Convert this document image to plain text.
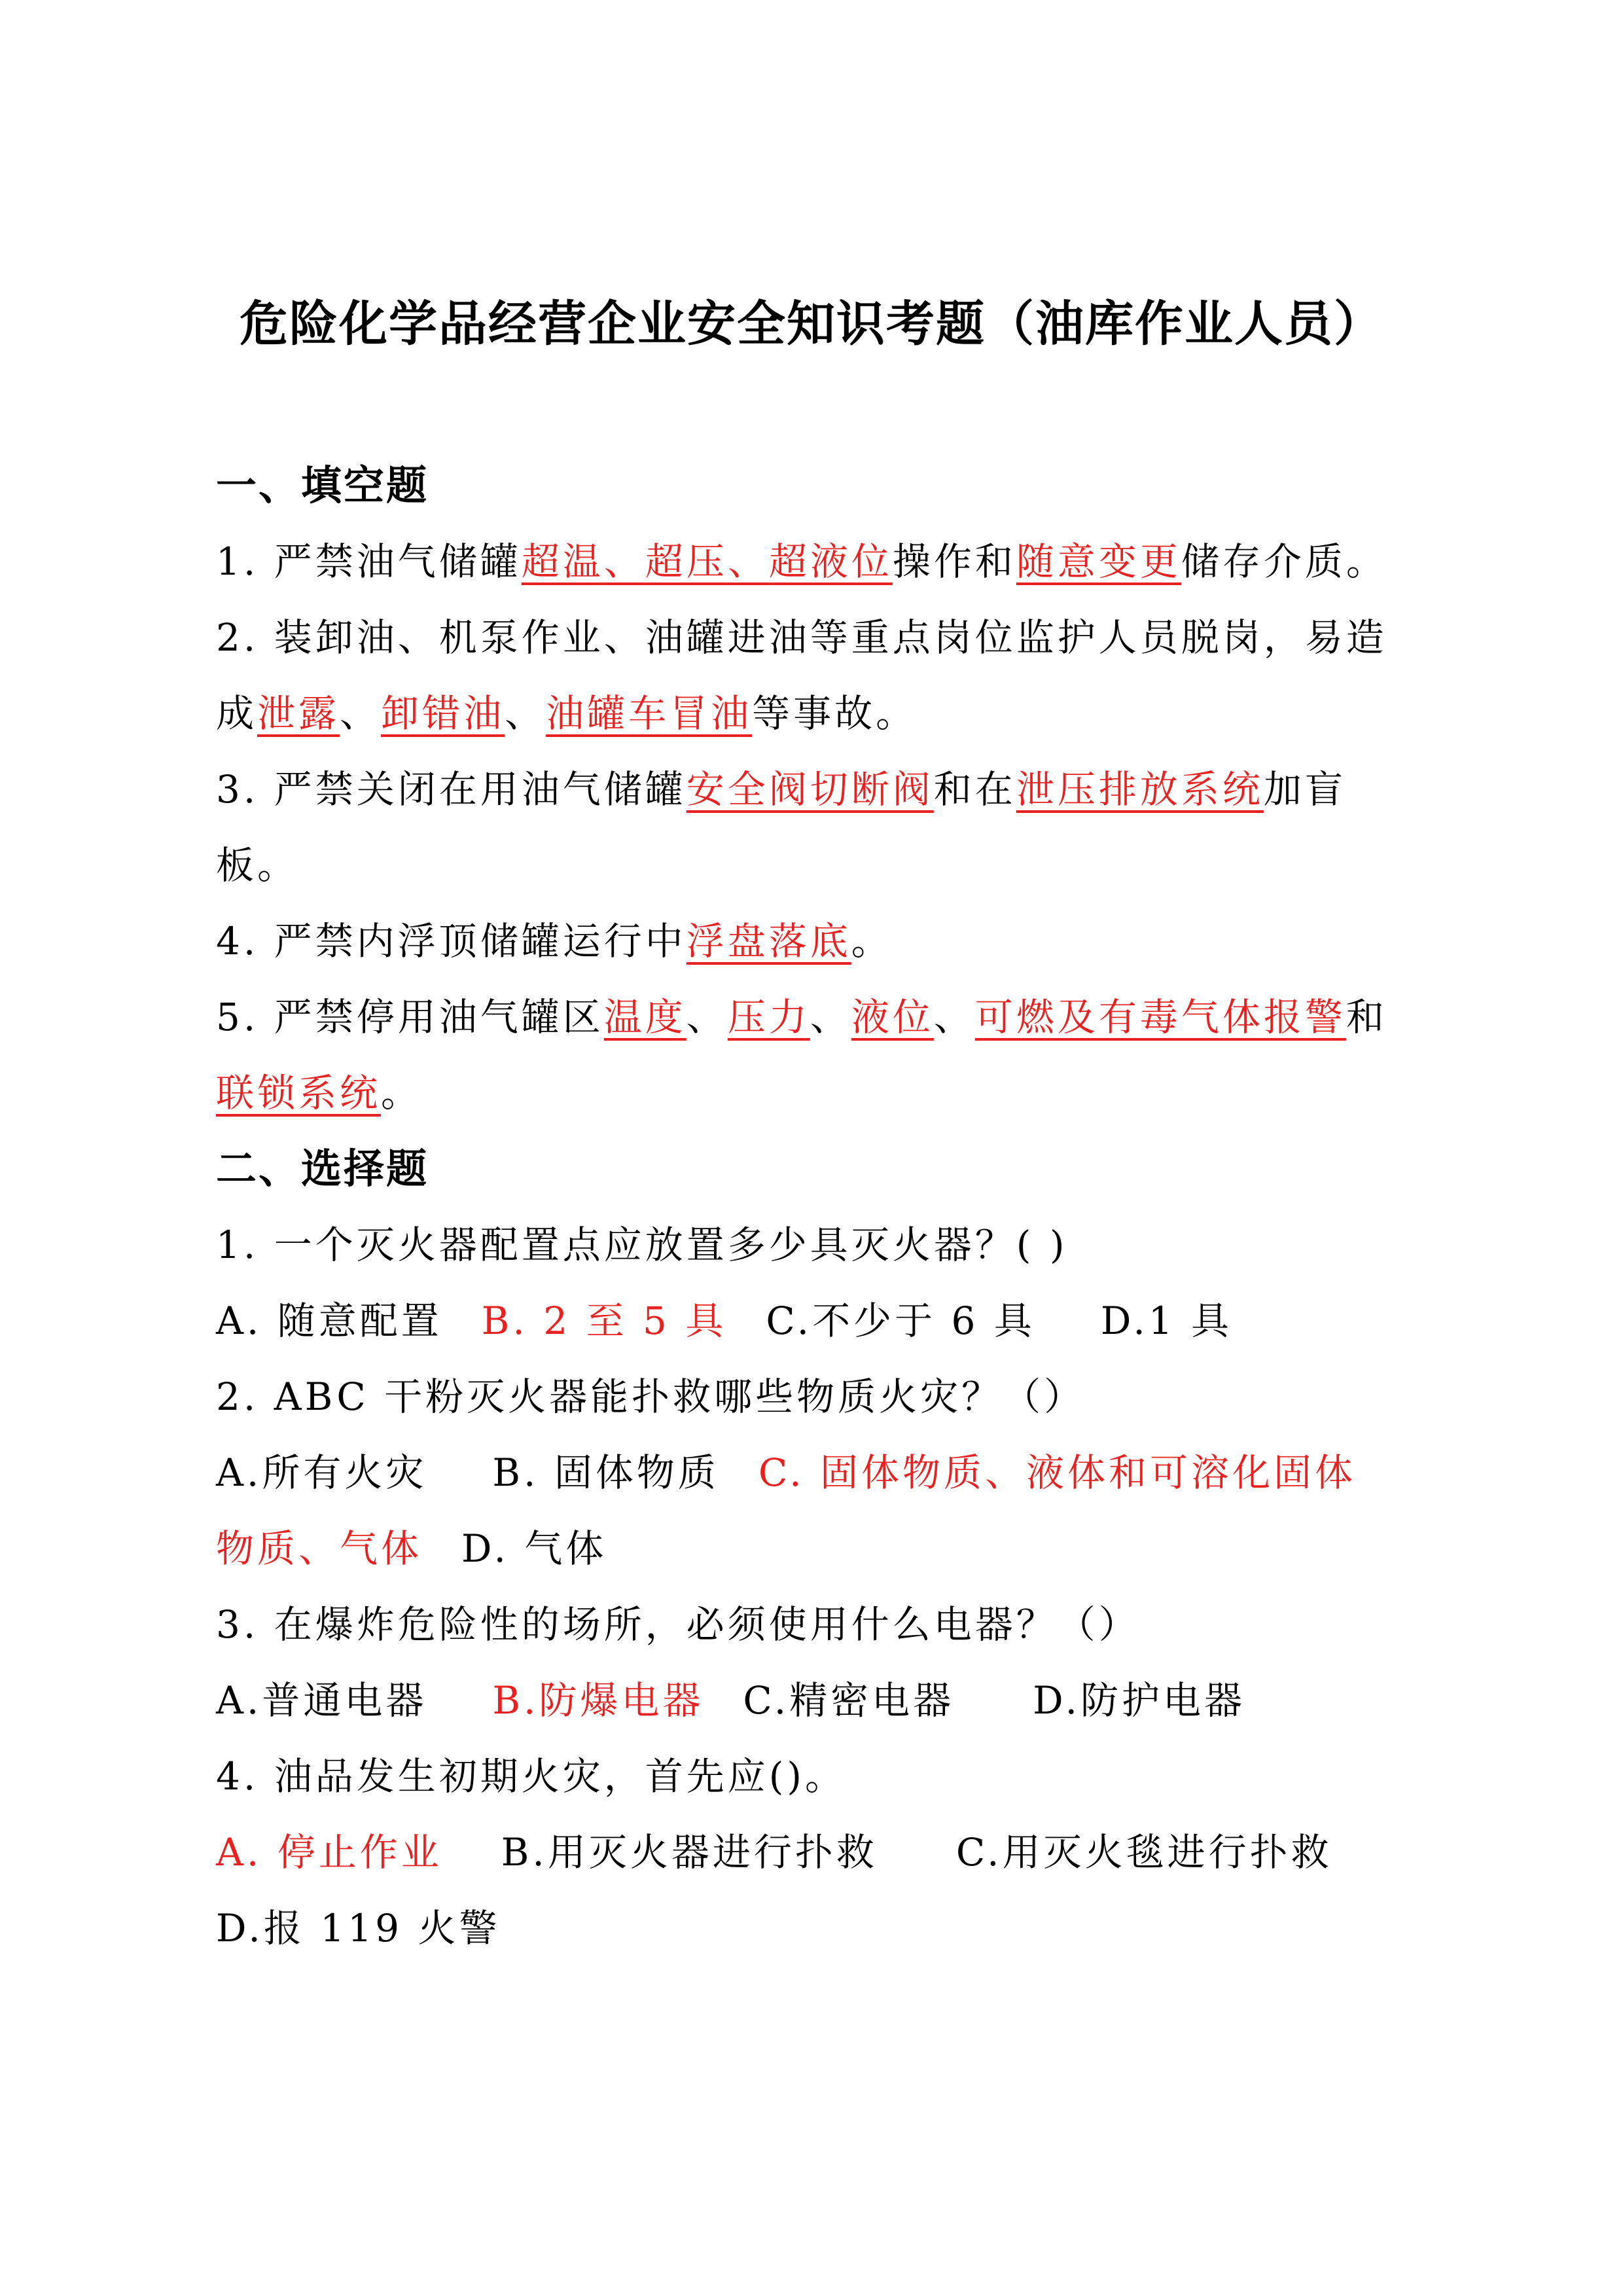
危险化学品经营企业安全知识考题（油库作业人员）
一、填空题
1. 严禁油气储罐超温、超压、超液位操作和随意变更储存介质。
2. 装卸油、机泵作业、油罐进油等重点岗位监护人员脱岗，易造
成泄露、卸错油、油罐车冒油等事故。
3. 严禁关闭在用油气储罐安全阀切断阀和在泄压排放系统加盲
板。
4. 严禁内浮顶储罐运行中浮盘落底。
5. 严禁停用油气罐区温度、压力、液位、可燃及有毒气体报警和
联锁系统。
二、选择题
1. 一个灭火器配置点应放置多少具灭火器？( )
A. 随意配置 B. 2 至 5 具 C.不少于 6 具 D.1 具
2. ABC 干粉灭火器能扑救哪些物质火灾？（）
A.所有火灾 B. 固体物质 C. 固体物质、液体和可溶化固体
物质、气体 D. 气体
3. 在爆炸危险性的场所，必须使用什么电器？（）
A.普通电器 B.防爆电器 C.精密电器 D.防护电器
4. 油品发生初期火灾，首先应()。
A. 停止作业 B.用灭火器进行扑救 C.用灭火毯进行扑救
D.报 119 火警
